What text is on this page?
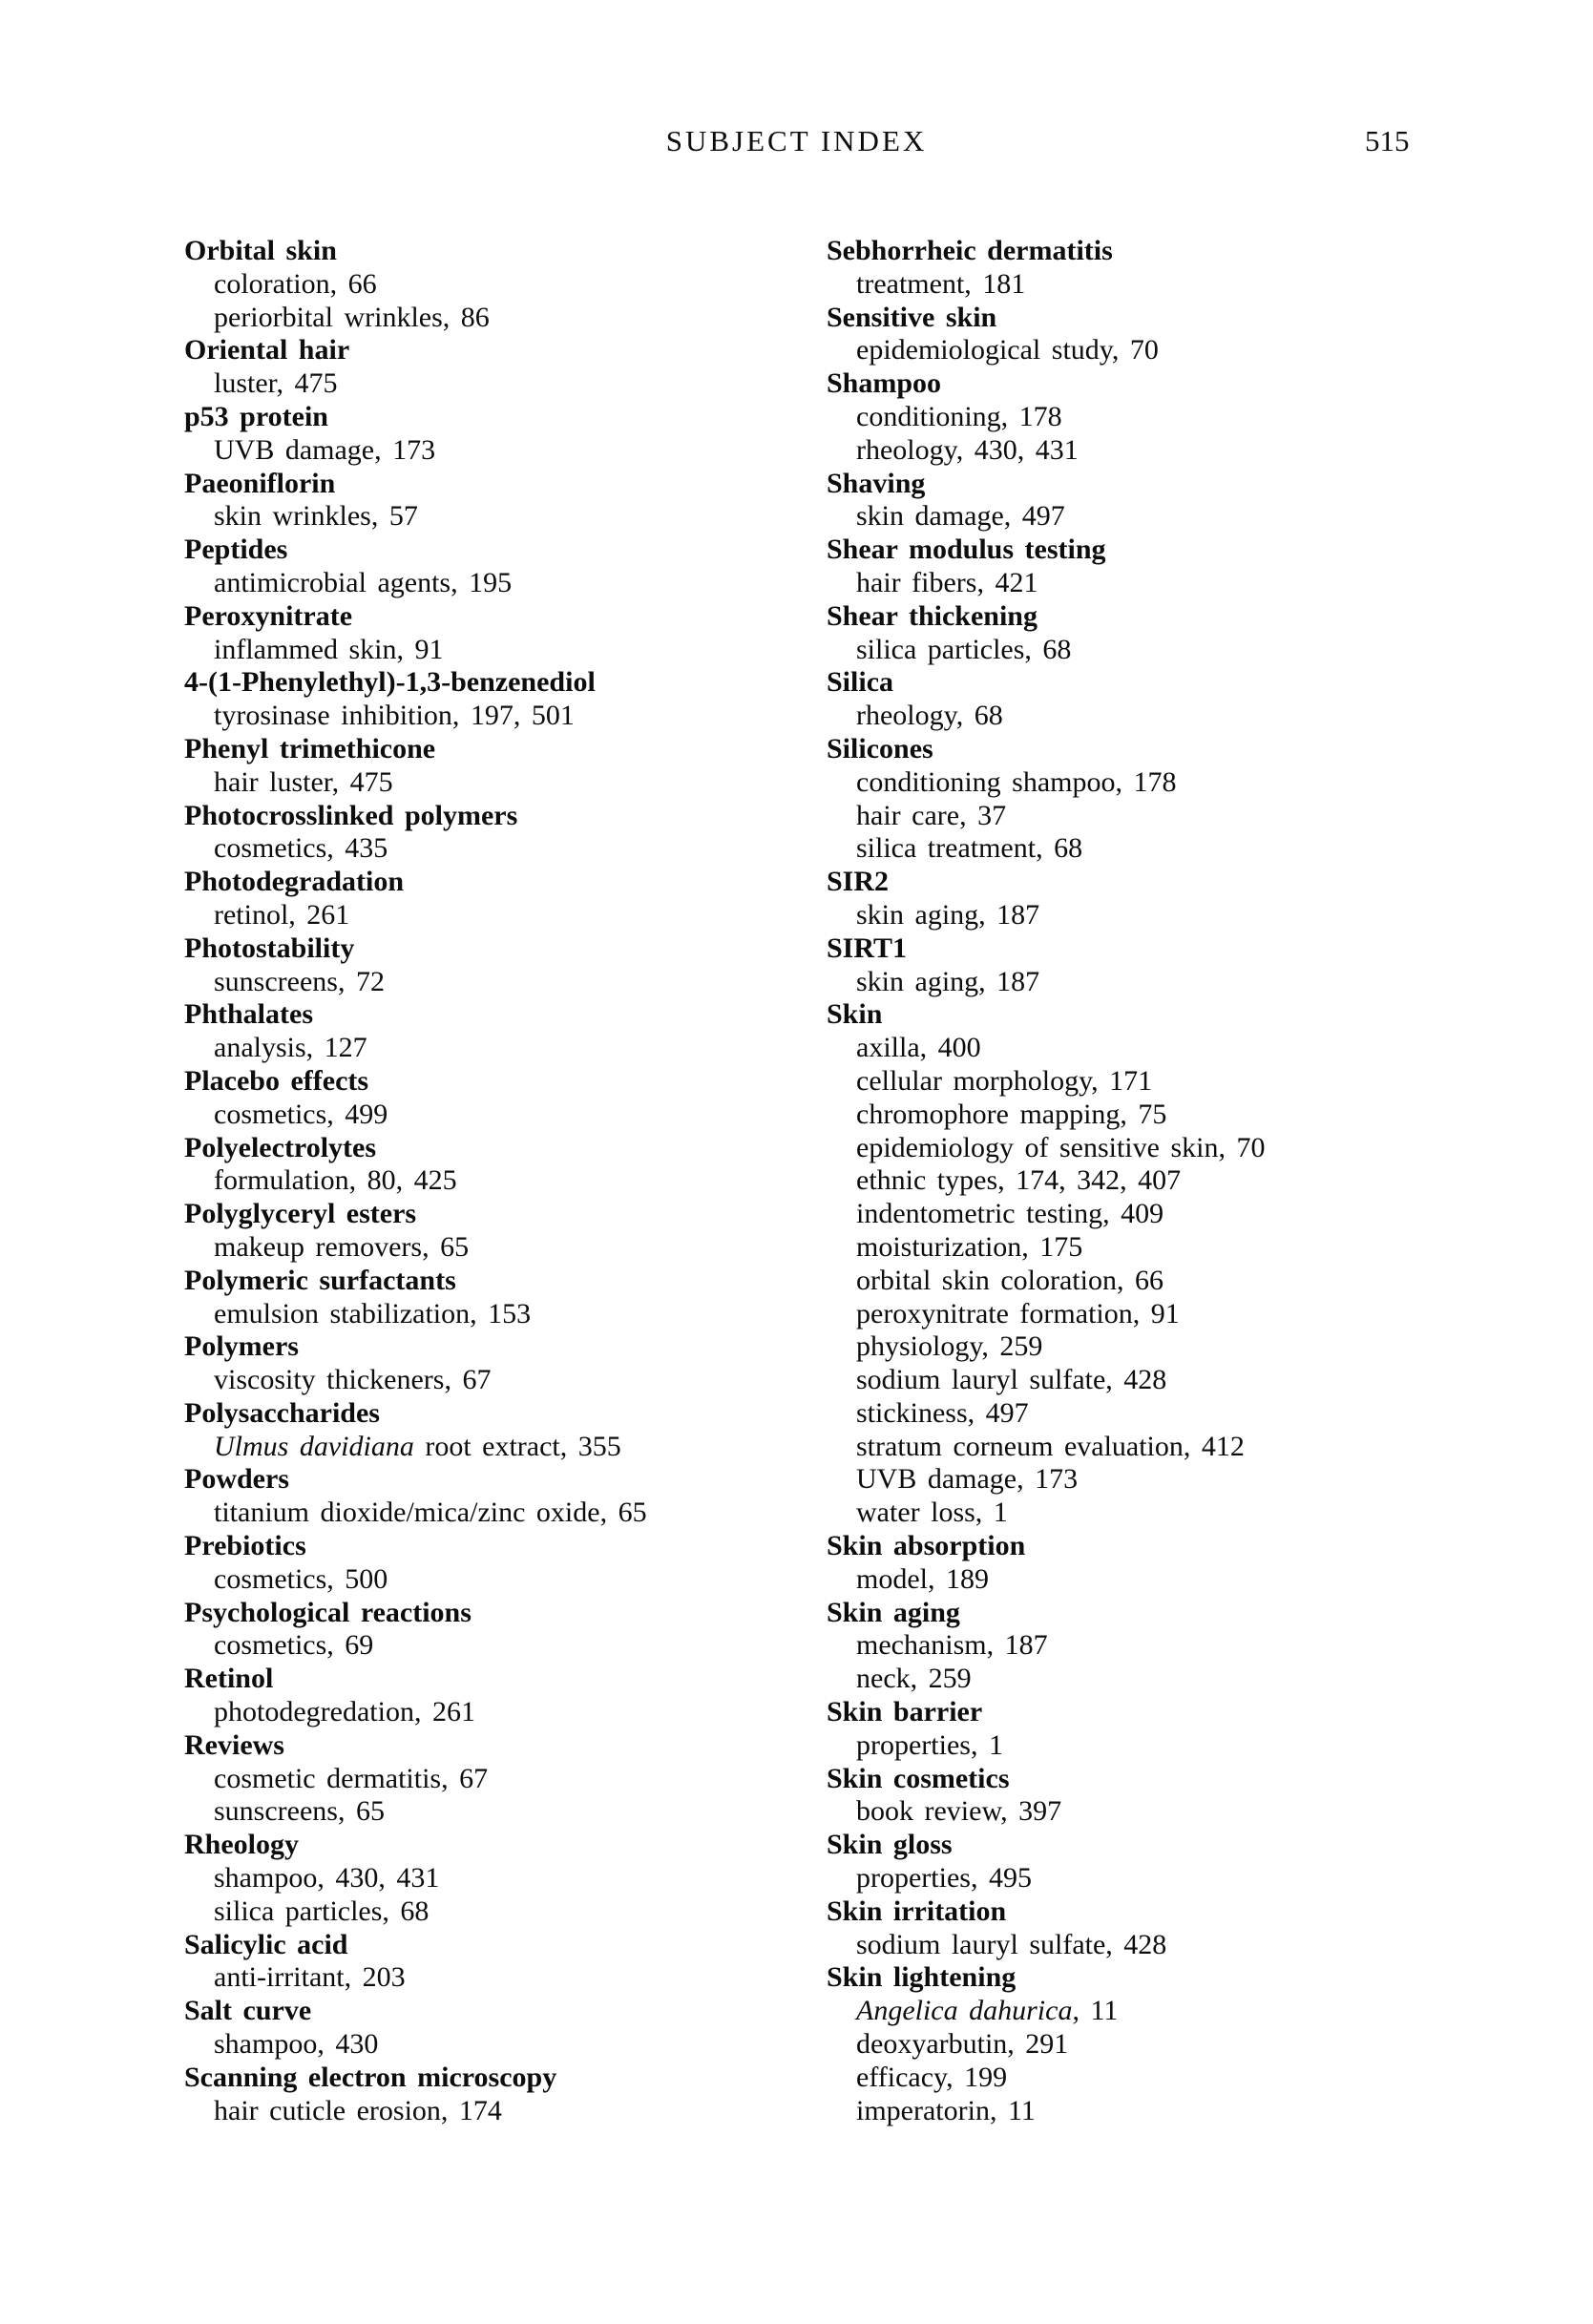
SUBJECT INDEX	515
Orbital skin
coloration, 66
periorbital wrinkles, 86
Oriental hair
luster, 475
p53 protein
UVB damage, 173
Paeoniflorin
skin wrinkles, 57
Peptides
antimicrobial agents, 195
Peroxynitrate
inflammed skin, 91
4-(1-Phenylethyl)-1,3-benzenediol
tyrosinase inhibition, 197, 501
Phenyl trimethicone
hair luster, 475
Photocrosslinked polymers
cosmetics, 435
Photodegradation
retinol, 261
Photostability
sunscreens, 72
Phthalates
analysis, 127
Placebo effects
cosmetics, 499
Polyelectrolytes
formulation, 80, 425
Polyglyceryl esters
makeup removers, 65
Polymeric surfactants
emulsion stabilization, 153
Polymers
viscosity thickeners, 67
Polysaccharides
Ulmus davidiana root extract, 355
Powders
titanium dioxide/mica/zinc oxide, 65
Prebiotics
cosmetics, 500
Psychological reactions
cosmetics, 69
Retinol
photodegredation, 261
Reviews
cosmetic dermatitis, 67
sunscreens, 65
Rheology
shampoo, 430, 431
silica particles, 68
Salicylic acid
anti-irritant, 203
Salt curve
shampoo, 430
Scanning electron microscopy
hair cuticle erosion, 174
Sebhorrheic dermatitis
treatment, 181
Sensitive skin
epidemiological study, 70
Shampoo
conditioning, 178
rheology, 430, 431
Shaving
skin damage, 497
Shear modulus testing
hair fibers, 421
Shear thickening
silica particles, 68
Silica
rheology, 68
Silicones
conditioning shampoo, 178
hair care, 37
silica treatment, 68
SIR2
skin aging, 187
SIRT1
skin aging, 187
Skin
axilla, 400
cellular morphology, 171
chromophore mapping, 75
epidemiology of sensitive skin, 70
ethnic types, 174, 342, 407
indentometric testing, 409
moisturization, 175
orbital skin coloration, 66
peroxynitrate formation, 91
physiology, 259
sodium lauryl sulfate, 428
stickiness, 497
stratum corneum evaluation, 412
UVB damage, 173
water loss, 1
Skin absorption
model, 189
Skin aging
mechanism, 187
neck, 259
Skin barrier
properties, 1
Skin cosmetics
book review, 397
Skin gloss
properties, 495
Skin irritation
sodium lauryl sulfate, 428
Skin lightening
Angelica dahurica, 11
deoxyarbutin, 291
efficacy, 199
imperatorin, 11
